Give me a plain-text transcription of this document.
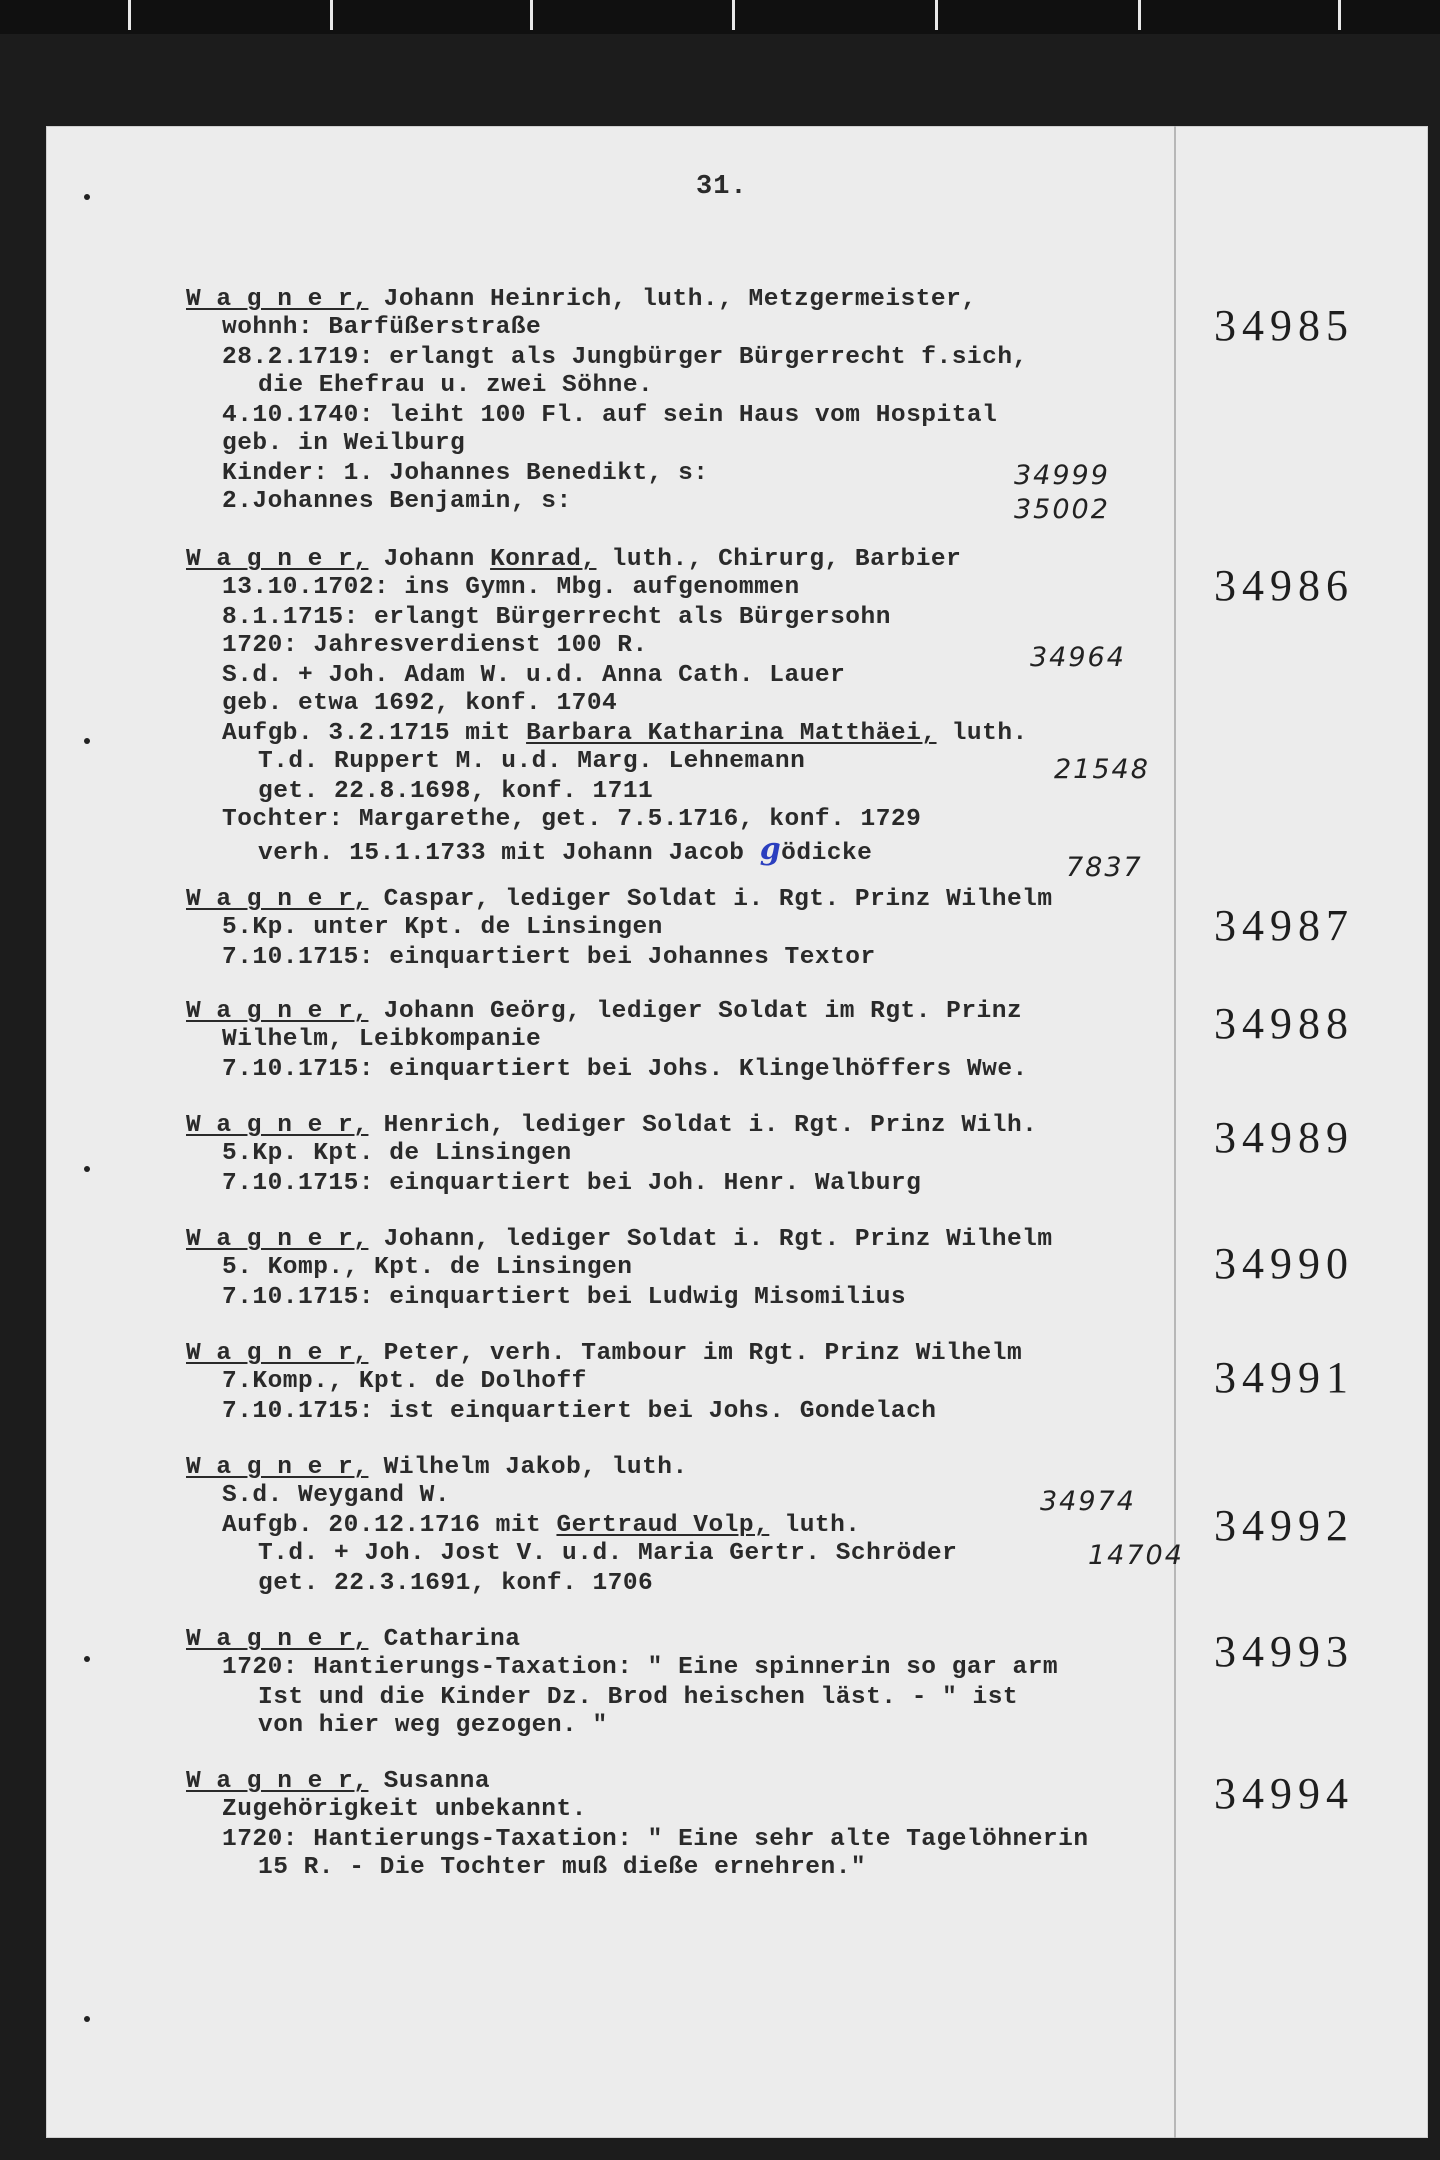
31.
W a g n e r, Johann Heinrich, luth., Metzgermeister,
wohnh: Barfüßerstraße
28.2.1719: erlangt als Jungbürger Bürgerrecht f.sich,
die Ehefrau u. zwei Söhne.
4.10.1740: leiht 100 Fl. auf sein Haus vom Hospital
geb. in Weilburg
Kinder: 1. Johannes Benedikt, s:
2.Johannes Benjamin, s:
34999
35002
34985
W a g n e r, Johann Konrad, luth., Chirurg, Barbier
13.10.1702: ins Gymn. Mbg. aufgenommen
8.1.1715: erlangt Bürgerrecht als Bürgersohn
1720: Jahresverdienst 100 R.
S.d. + Joh. Adam W. u.d. Anna Cath. Lauer
geb. etwa 1692, konf. 1704
Aufgb. 3.2.1715 mit Barbara Katharina Matthäei, luth.
T.d. Ruppert M. u.d. Marg. Lehnemann
get. 22.8.1698, konf. 1711
Tochter: Margarethe, get. 7.5.1716, konf. 1729
verh. 15.1.1733 mit Johann Jacob gödicke
34964
21548
7837
34986
W a g n e r, Caspar, lediger Soldat i. Rgt. Prinz Wilhelm
5.Kp. unter Kpt. de Linsingen
7.10.1715: einquartiert bei Johannes Textor
34987
W a g n e r, Johann Geörg, lediger Soldat im Rgt. Prinz
Wilhelm, Leibkompanie
7.10.1715: einquartiert bei Johs. Klingelhöffers Wwe.
34988
W a g n e r, Henrich, lediger Soldat i. Rgt. Prinz Wilh.
5.Kp. Kpt. de Linsingen
7.10.1715: einquartiert bei Joh. Henr. Walburg
34989
W a g n e r, Johann, lediger Soldat i. Rgt. Prinz Wilhelm
5. Komp., Kpt. de Linsingen
7.10.1715: einquartiert bei Ludwig Misomilius
34990
W a g n e r, Peter, verh. Tambour im Rgt. Prinz Wilhelm
7.Komp., Kpt. de Dolhoff
7.10.1715: ist einquartiert bei Johs. Gondelach
34991
W a g n e r, Wilhelm Jakob, luth.
S.d. Weygand W.
Aufgb. 20.12.1716 mit Gertraud Volp, luth.
T.d. + Joh. Jost V. u.d. Maria Gertr. Schröder
get. 22.3.1691, konf. 1706
34974
14704
34992
W a g n e r, Catharina
1720: Hantierungs-Taxation: " Eine spinnerin so gar arm
Ist und die Kinder Dz. Brod heischen läst. - " ist
von hier weg gezogen. "
34993
W a g n e r, Susanna
Zugehörigkeit unbekannt.
1720: Hantierungs-Taxation: " Eine sehr alte Tagelöhnerin
15 R. - Die Tochter muß dieße ernehren."
34994
